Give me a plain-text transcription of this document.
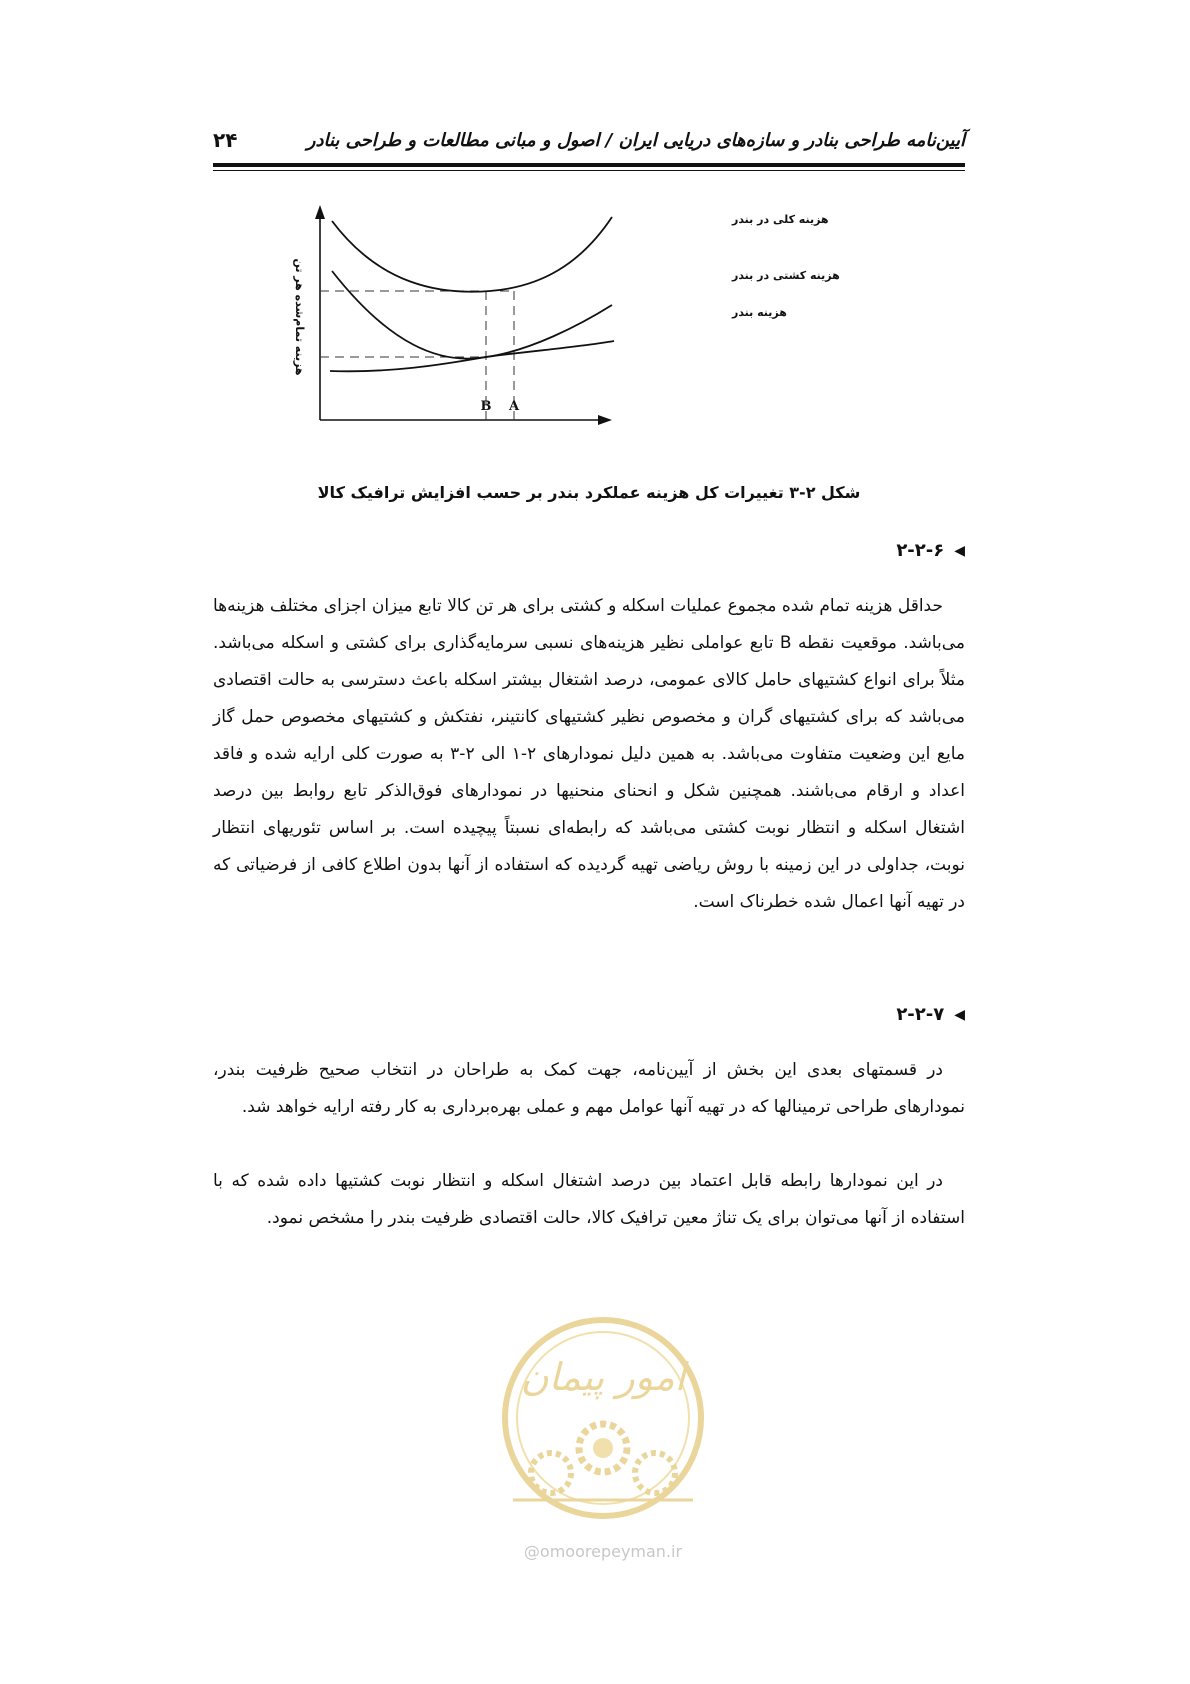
آیین‌نامه طراحی بنادر و سازه‌های دریایی ایران / اصول و مبانی مطالعات و طراحی بنادر
۲۴
B A
هزینه تمام‌شده هر تن
هزینه کلی در بندر
هزینه کشتی در بندر
هزینه بندر
شکل ۲-۳ تغییرات کل هزینه عملکرد بندر بر حسب افزایش ترافیک کالا
◀
۲-۲-۶
حداقل هزینه تمام شده مجموع عملیات اسکله و کشتی برای هر تن کالا تابع میزان اجزای مختلف هزینه‌ها می‌باشد. موقعیت نقطه B تابع عواملی نظیر هزینه‌های نسبی سرمایه‌گذاری برای کشتی و اسکله می‌باشد. مثلاً برای انواع کشتیهای حامل کالای عمومی، درصد اشتغال بیشتر اسکله باعث دسترسی به حالت اقتصادی می‌باشد که برای کشتیهای گران و مخصوص نظیر کشتیهای کانتینر، نفتکش و کشتیهای مخصوص حمل گاز مایع این وضعیت متفاوت می‌باشد. به همین دلیل نمودارهای ۲-۱ الی ۲-۳ به صورت کلی ارایه شده و فاقد اعداد و ارقام می‌باشند. همچنین شکل و انحنای منحنیها در نمودارهای فوق‌الذکر تابع روابط بین درصد اشتغال اسکله و انتظار نوبت کشتی می‌باشد که رابطه‌ای نسبتاً پیچیده است. بر اساس تئوریهای انتظار نوبت، جداولی در این زمینه با روش ریاضی تهیه گردیده که استفاده از آنها بدون اطلاع کافی از فرضیاتی که در تهیه آنها اعمال شده خطرناک است.
◀
۲-۲-۷
در قسمتهای بعدی این بخش از آیین‌نامه، جهت کمک به طراحان در انتخاب صحیح ظرفیت بندر، نمودارهای طراحی ترمینالها که در تهیه آنها عوامل مهم و عملی بهره‌برداری به کار رفته ارایه خواهد شد.
در این نمودارها رابطه قابل اعتماد بین درصد اشتغال اسکله و انتظار نوبت کشتیها داده شده که با استفاده از آنها می‌توان برای یک تناژ معین ترافیک کالا، حالت اقتصادی ظرفیت بندر را مشخص نمود.
امور پیمان
@omoorepeyman.ir
